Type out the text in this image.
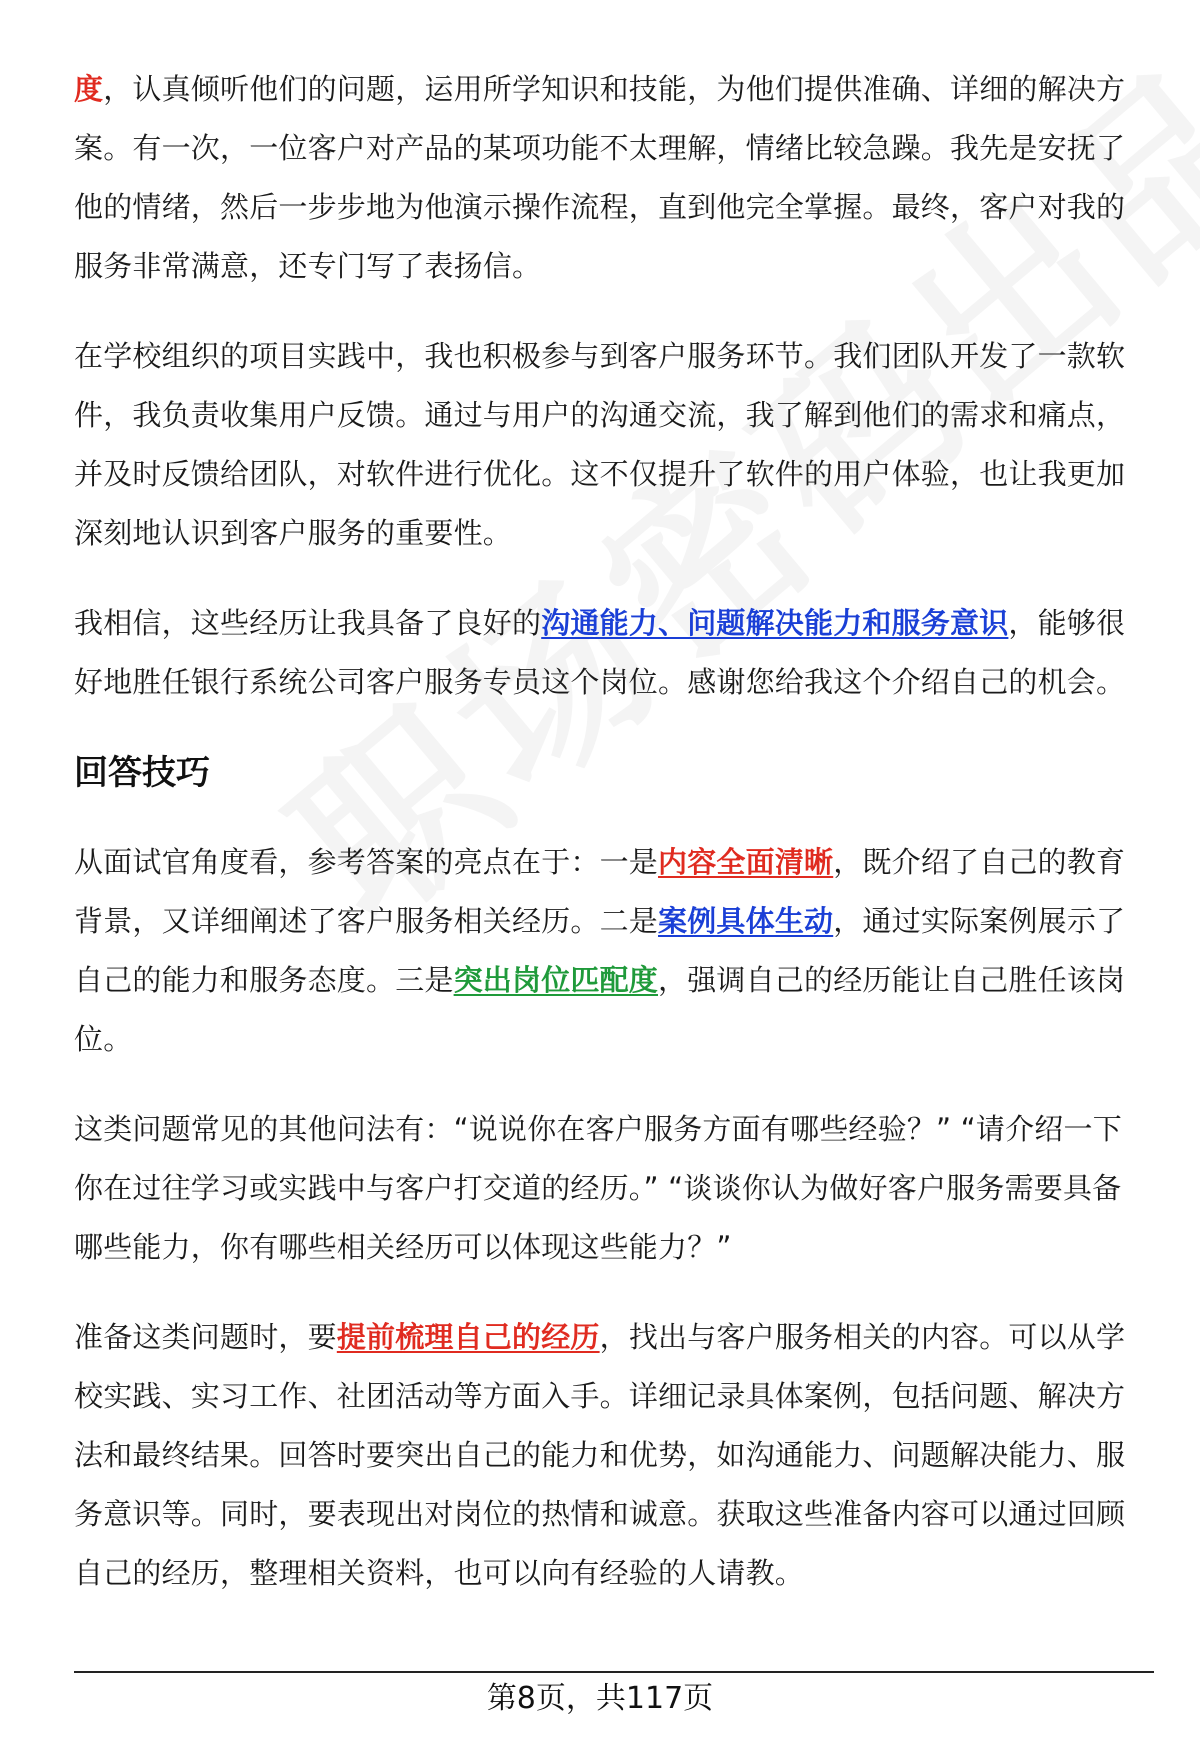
度，认真倾听他们的问题，运用所学知识和技能，为他们提供准确、详细的解决方案。有一次，一位客户对产品的某项功能不太理解，情绪比较急躁。我先是安抚了他的情绪，然后一步步地为他演示操作流程，直到他完全掌握。最终，客户对我的服务非常满意，还专门写了表扬信。

在学校组织的项目实践中，我也积极参与到客户服务环节。我们团队开发了一款软件，我负责收集用户反馈。通过与用户的沟通交流，我了解到他们的需求和痛点，并及时反馈给团队，对软件进行优化。这不仅提升了软件的用户体验，也让我更加深刻地认识到客户服务的重要性。

我相信，这些经历让我具备了良好的沟通能力、问题解决能力和服务意识，能够很好地胜任银行系统公司客户服务专员这个岗位。感谢您给我这个介绍自己的机会。

回答技巧

从面试官角度看，参考答案的亮点在于：一是内容全面清晰，既介绍了自己的教育背景，又详细阐述了客户服务相关经历。二是案例具体生动，通过实际案例展示了自己的能力和服务态度。三是突出岗位匹配度，强调自己的经历能让自己胜任该岗位。

这类问题常见的其他问法有：“说说你在客户服务方面有哪些经验？” “请介绍一下你在过往学习或实践中与客户打交道的经历。” “谈谈你认为做好客户服务需要具备哪些能力，你有哪些相关经历可以体现这些能力？”

准备这类问题时，要提前梳理自己的经历，找出与客户服务相关的内容。可以从学校实践、实习工作、社团活动等方面入手。详细记录具体案例，包括问题、解决方法和最终结果。回答时要突出自己的能力和优势，如沟通能力、问题解决能力、服务意识等。同时，要表现出对岗位的热情和诚意。获取这些准备内容可以通过回顾自己的经历，整理相关资料，也可以向有经验的人请教。

第8页，共117页
